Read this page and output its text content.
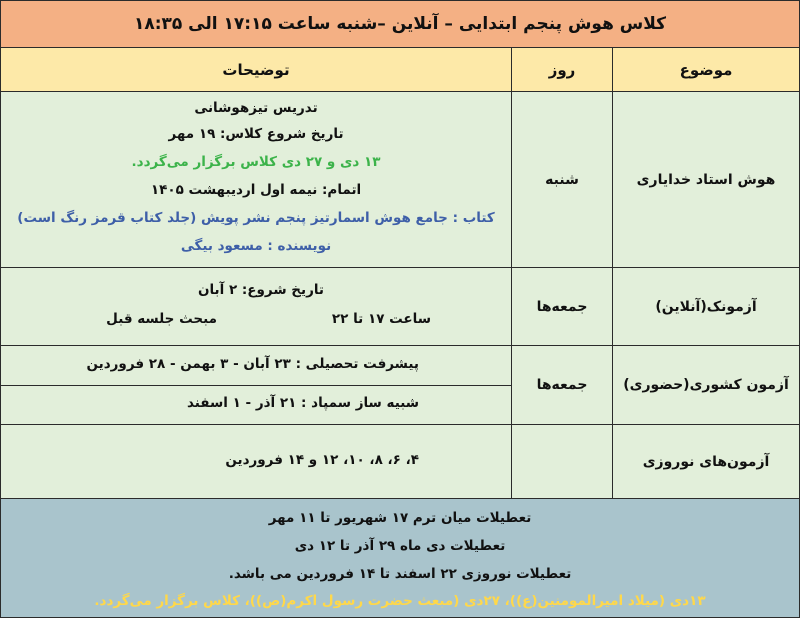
کلاس هوش پنجم ابتدایی – آنلاین –شنبه ساعت ۱۷:۱۵ الی ۱۸:۳۵
موضوع
روز
توضیحات
هوش استاد خدایاری
شنبه
تدریس تیزهوشانی
تاریخ شروع کلاس: ۱۹ مهر
۱۳ دی و ۲۷ دی کلاس برگزار می‌گردد.
اتمام: نیمه اول اردیبهشت ۱۴۰۵
کتاب : جامع هوش اسمارتیز پنجم نشر پویش (جلد کتاب قرمز رنگ است)
نویسنده : مسعود بیگی
آزمونک(آنلاین)
جمعه‌ها
تاریخ شروع: ۲ آبان
ساعت ۱۷ تا ۲۲
مبحث جلسه قبل
آزمون کشوری(حضوری)
جمعه‌ها
پیشرفت تحصیلی : ۲۳ آبان - ۳ بهمن - ۲۸ فروردین
شبیه ساز سمپاد : ۲۱ آذر - ۱ اسفند
آزمون‌های نوروزی
۴، ۶، ۸، ۱۰، ۱۲ و ۱۴ فروردین
تعطیلات میان ترم ۱۷ شهریور تا ۱۱ مهر
تعطیلات دی ماه ۲۹ آذر تا ۱۲ دی
تعطیلات نوروزی ۲۲ اسفند تا ۱۴ فروردین می باشد.
۱۳دی (میلاد امیرالمومنین(ع))، ۲۷دی (مبعث حضرت رسول اکرم(ص))، کلاس برگزار می‌گردد.
